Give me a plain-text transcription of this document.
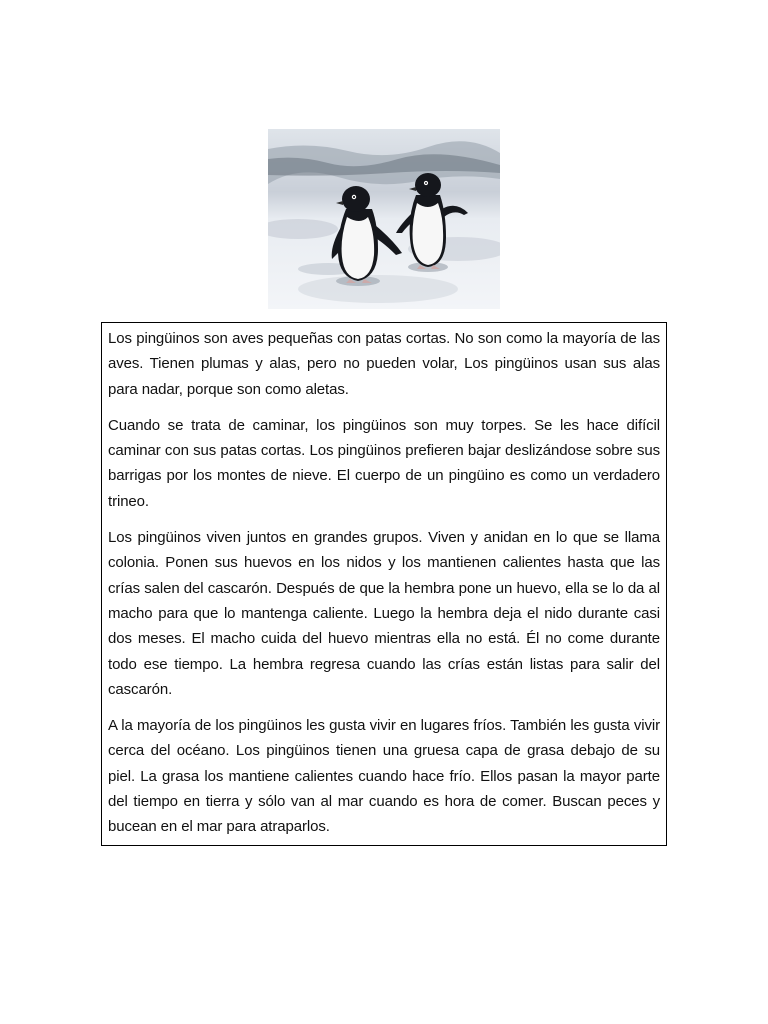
Los pingüinos son aves pequeñas con patas cortas. No son como la mayoría de las aves. Tienen plumas y alas, pero no pueden volar, Los pingüinos usan sus alas para nadar, porque son como aletas.

Cuando se trata de caminar, los pingüinos son muy torpes. Se les hace difícil caminar con sus patas cortas. Los pingüinos prefieren bajar deslizándose sobre sus barrigas por los montes de nieve. El cuerpo de un pingüino es como un verdadero trineo.

Los pingüinos viven juntos en grandes grupos. Viven y anidan en lo que se llama colonia. Ponen sus huevos en los nidos y los mantienen calientes hasta que las crías salen del cascarón. Después de que la hembra pone un huevo, ella se lo da al macho para que lo mantenga caliente. Luego la hembra deja el nido durante casi dos meses. El macho cuida del huevo mientras ella no está. Él no come durante todo ese tiempo. La hembra regresa cuando las crías están listas para salir del cascarón.

A la mayoría de los pingüinos les gusta vivir en lugares fríos. También les gusta vivir cerca del océano. Los pingüinos tienen una gruesa capa de grasa debajo de su piel. La grasa los mantiene calientes cuando hace frío. Ellos pasan la mayor parte del tiempo en tierra y sólo van al mar cuando es hora de comer. Buscan peces y bucean en el mar para atraparlos.
